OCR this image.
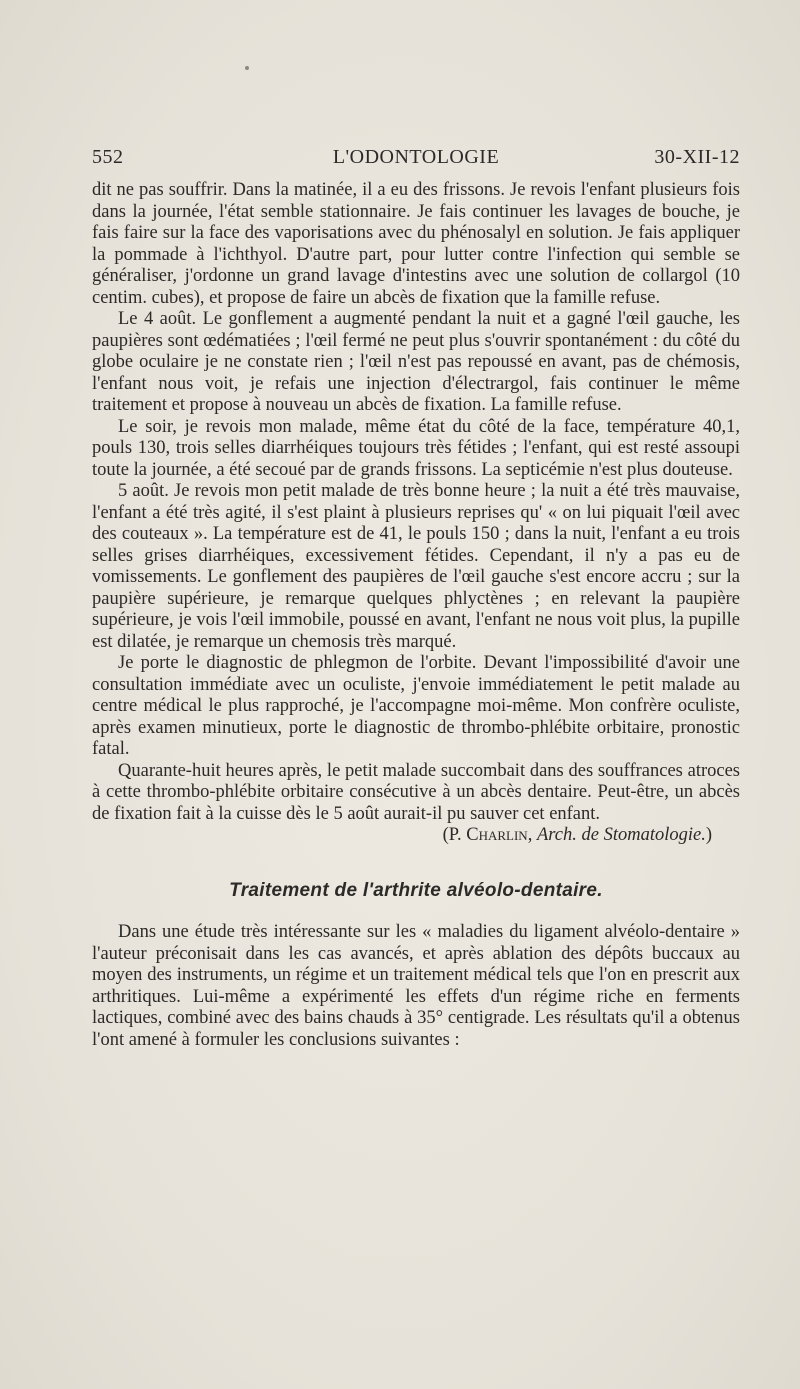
552	L'ODONTOLOGIE	30-XII-12

dit ne pas souffrir. Dans la matinée, il a eu des frissons. Je revois l'enfant plusieurs fois dans la journée, l'état semble stationnaire. Je fais continuer les lavages de bouche, je fais faire sur la face des vaporisations avec du phénosalyl en solution. Je fais appliquer la pommade à l'ichthyol. D'autre part, pour lutter contre l'infection qui semble se généraliser, j'ordonne un grand lavage d'intestins avec une solution de collargol (10 centim. cubes), et propose de faire un abcès de fixation que la famille refuse.

Le 4 août. Le gonflement a augmenté pendant la nuit et a gagné l'œil gauche, les paupières sont œdématiées ; l'œil fermé ne peut plus s'ouvrir spontanément : du côté du globe oculaire je ne constate rien ; l'œil n'est pas repoussé en avant, pas de chémosis, l'enfant nous voit, je refais une injection d'électrargol, fais continuer le même traitement et propose à nouveau un abcès de fixation. La famille refuse.

Le soir, je revois mon malade, même état du côté de la face, température 40,1, pouls 130, trois selles diarrhéiques toujours très fétides ; l'enfant, qui est resté assoupi toute la journée, a été secoué par de grands frissons. La septicémie n'est plus douteuse.

5 août. Je revois mon petit malade de très bonne heure ; la nuit a été très mauvaise, l'enfant a été très agité, il s'est plaint à plusieurs reprises qu' « on lui piquait l'œil avec des couteaux ». La température est de 41, le pouls 150 ; dans la nuit, l'enfant a eu trois selles grises diarrhéiques, excessivement fétides. Cependant, il n'y a pas eu de vomissements. Le gonflement des paupières de l'œil gauche s'est encore accru ; sur la paupière supérieure, je remarque quelques phlyctènes ; en relevant la paupière supérieure, je vois l'œil immobile, poussé en avant, l'enfant ne nous voit plus, la pupille est dilatée, je remarque un chemosis très marqué.

Je porte le diagnostic de phlegmon de l'orbite. Devant l'impossibilité d'avoir une consultation immédiate avec un oculiste, j'envoie immédiatement le petit malade au centre médical le plus rapproché, je l'accompagne moi-même. Mon confrère oculiste, après examen minutieux, porte le diagnostic de thrombo-phlébite orbitaire, pronostic fatal.

Quarante-huit heures après, le petit malade succombait dans des souffrances atroces à cette thrombo-phlébite orbitaire consécutive à un abcès dentaire. Peut-être, un abcès de fixation fait à la cuisse dès le 5 août aurait-il pu sauver cet enfant.

(P. Charlin, Arch. de Stomatologie.)

Traitement de l'arthrite alvéolo-dentaire.

Dans une étude très intéressante sur les « maladies du ligament alvéolo-dentaire » l'auteur préconisait dans les cas avancés, et après ablation des dépôts buccaux au moyen des instruments, un régime et un traitement médical tels que l'on en prescrit aux arthritiques. Lui-même a expérimenté les effets d'un régime riche en ferments lactiques, combiné avec des bains chauds à 35° centigrade. Les résultats qu'il a obtenus l'ont amené à formuler les conclusions suivantes :
